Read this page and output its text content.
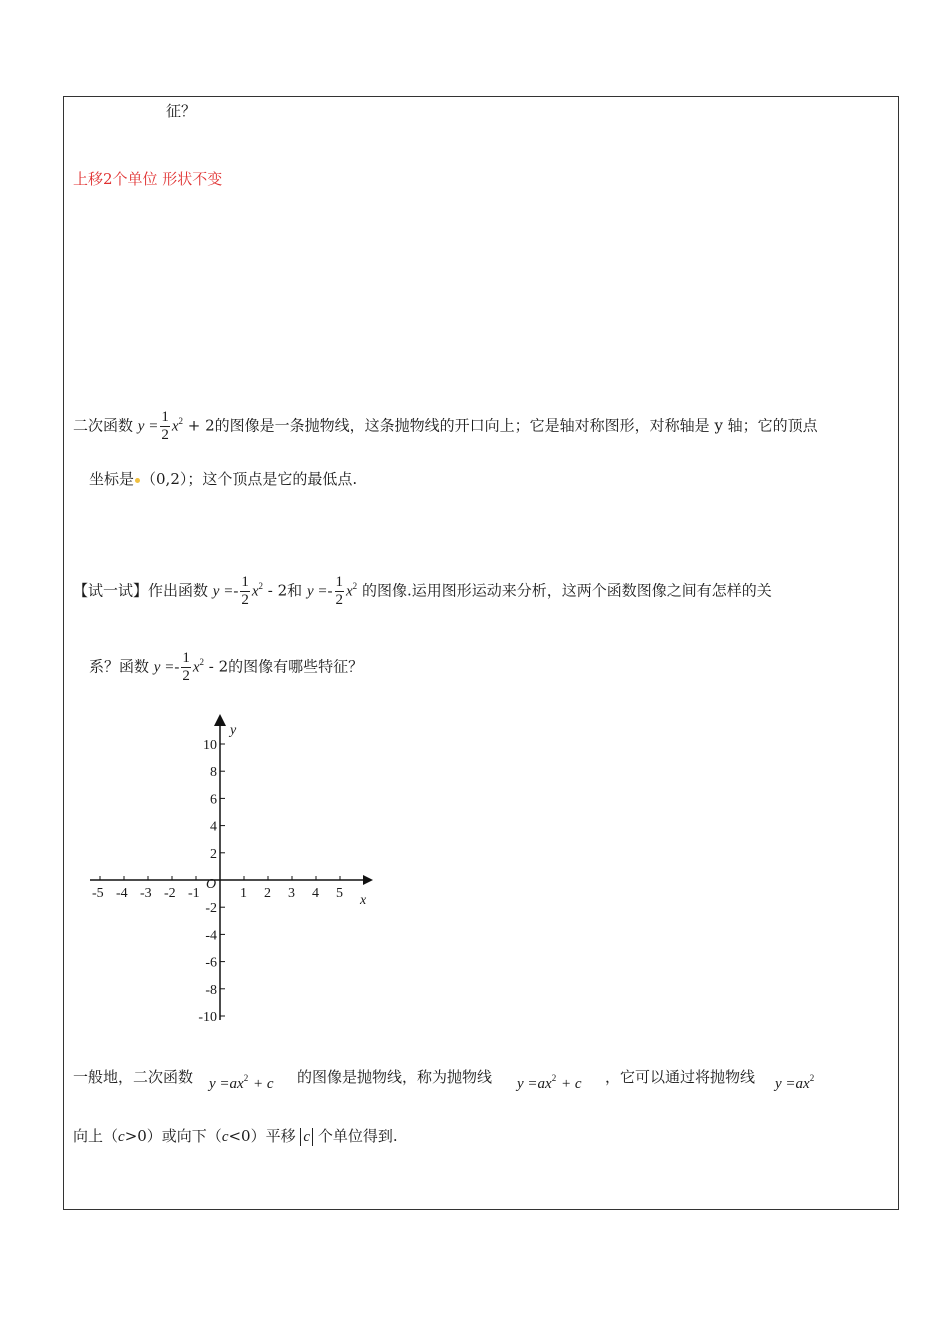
征？
上移2个单位 形状不变
二次函数 $y = \frac{1}{2} x^2 + 2$的图像是一条抛物线，这条抛物线的开口向上；它是轴对称图形，对称轴是 y 轴；它的顶点
坐标是 （0,2）；这个顶点是它的最低点.
【试一试】作出函数 $y =- \frac{1}{2} x^2 - 2$和 $y =- \frac{1}{2} x^2$ 的图像.运用图形运动来分析，这两个函数图像之间有怎样的关
系？函数 $y =- \frac{1}{2} x^2 - 2$的图像有哪些特征？
-5 -4 -3 -2 -1	1 2 3 4 5
10
8
6
4
2
-2
-4
-6
-8
-10
O
x
y
一般地，二次函数 $y =ax^2 + c$ 的图像是抛物线，称为抛物线 $y =ax^2 + c$ ，它可以通过将抛物线 $y =ax^2$
向上（c>0）或向下（c<0）平移 c 个单位得到.
